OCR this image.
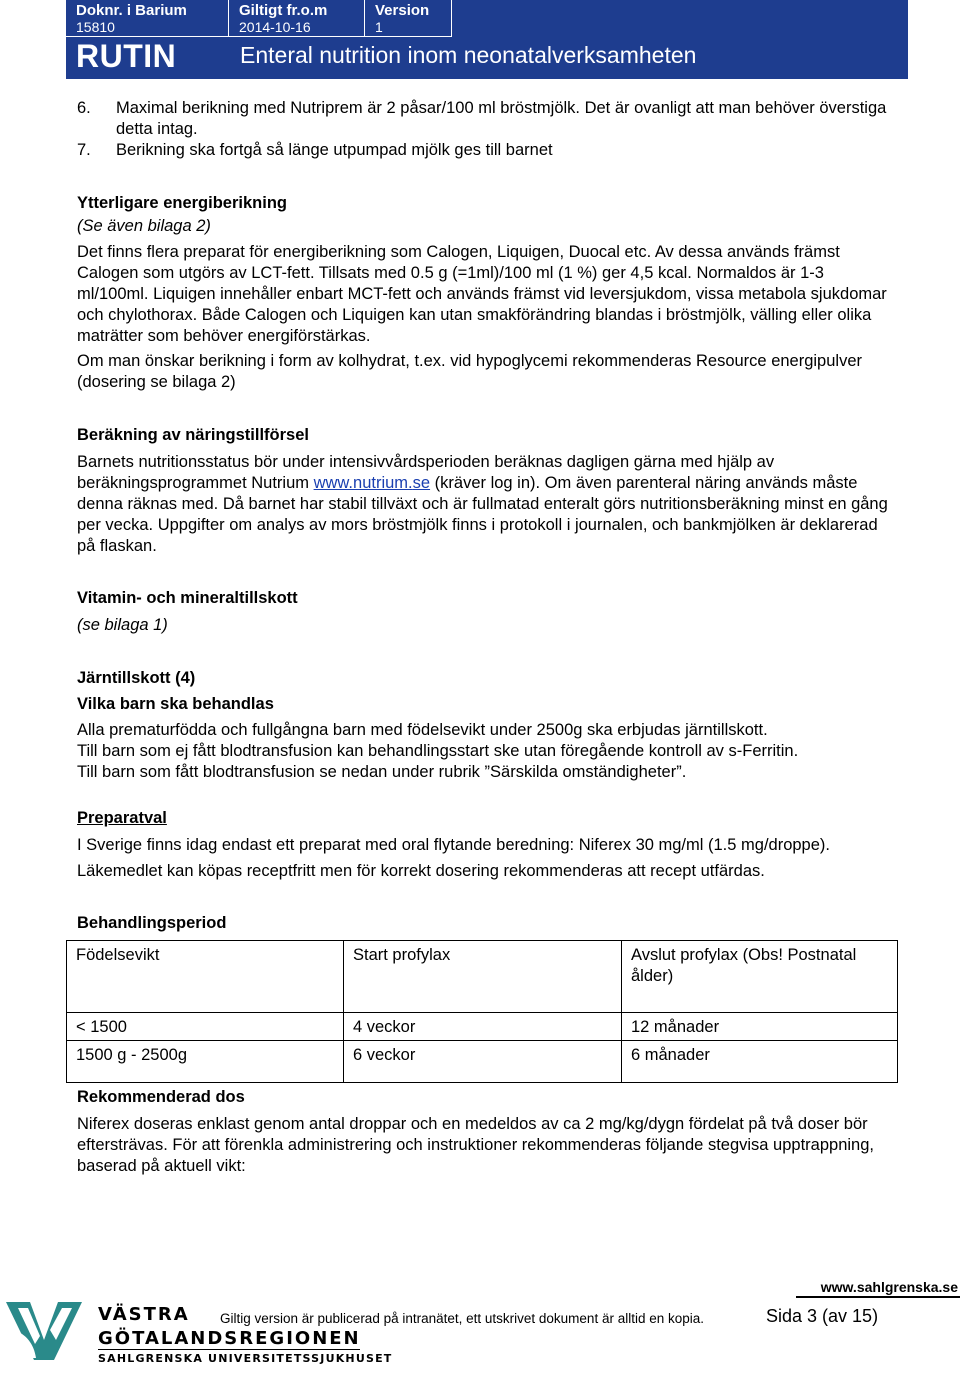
Doknr. i Barium
15810
Giltigt fr.o.m
2014-10-16
Version
1
RUTIN	Enteral nutrition inom neonatalverksamheten
6.	Maximal berikning med Nutriprem är 2 påsar/100 ml bröstmjölk. Det är ovanligt att man behöver överstiga detta intag.
7.	Berikning ska fortgå så länge utpumpad mjölk ges till barnet

Ytterligare energiberikning

(Se även bilaga 2)

Det finns flera preparat för energiberikning som Calogen, Liquigen, Duocal etc. Av dessa används främst Calogen som utgörs av LCT-fett. Tillsats med 0.5 g (=1ml)/100 ml (1 %) ger 4,5 kcal. Normaldos är 1-3 ml/100ml. Liquigen innehåller enbart MCT-fett och används främst vid leversjukdom, vissa metabola sjukdomar och chylothorax. Både Calogen och Liquigen kan utan smakförändring blandas i bröstmjölk, välling eller olika maträtter som behöver energiförstärkas.

Om man önskar berikning i form av kolhydrat, t.ex. vid hypoglycemi rekommenderas Resource energipulver (dosering se bilaga 2)

Beräkning av näringstillförsel

Barnets nutritionsstatus bör under intensivvårdsperioden beräknas dagligen gärna med hjälp av beräkningsprogrammet Nutrium www.nutrium.se (kräver log in). Om även parenteral näring används måste denna räknas med. Då barnet har stabil tillväxt och är fullmatad enteralt görs nutritionsberäkning minst en gång per vecka. Uppgifter om analys av mors bröstmjölk finns i protokoll i journalen, och bankmjölken är deklarerad på flaskan.

Vitamin- och mineraltillskott

(se bilaga 1)

Järntillskott (4)

Vilka barn ska behandlas

Alla prematurfödda och fullgångna barn med födelsevikt under 2500g ska erbjudas järntillskott.

Till barn som ej fått blodtransfusion kan behandlingsstart ske utan föregående kontroll av s-Ferritin.

Till barn som fått blodtransfusion se nedan under rubrik ”Särskilda omständigheter”.

Preparatval

I Sverige finns idag endast ett preparat med oral flytande beredning: Niferex 30 mg/ml (1.5 mg/droppe).

Läkemedlet kan köpas receptfritt men för korrekt dosering rekommenderas att recept utfärdas.

Behandlingsperiod

Födelsevikt	Start profylax	Avslut profylax (Obs! Postnatal ålder)
< 1500	4 veckor	12 månader
1500 g - 2500g	6 veckor	6 månader

Rekommenderad dos

Niferex doseras enklast genom antal droppar och en medeldos av ca 2 mg/kg/dygn fördelat på två doser bör eftersträvas. För att förenkla administrering och instruktioner rekommenderas följande stegvisa upptrappning, baserad på aktuell vikt:

www.sahlgrenska.se
VÄSTRA
GÖTALANDSREGIONEN
SAHLGRENSKA UNIVERSITETSSJUKHUSET
Giltig version är publicerad på intranätet, ett utskrivet dokument är alltid en kopia.	Sida 3 (av 15)
